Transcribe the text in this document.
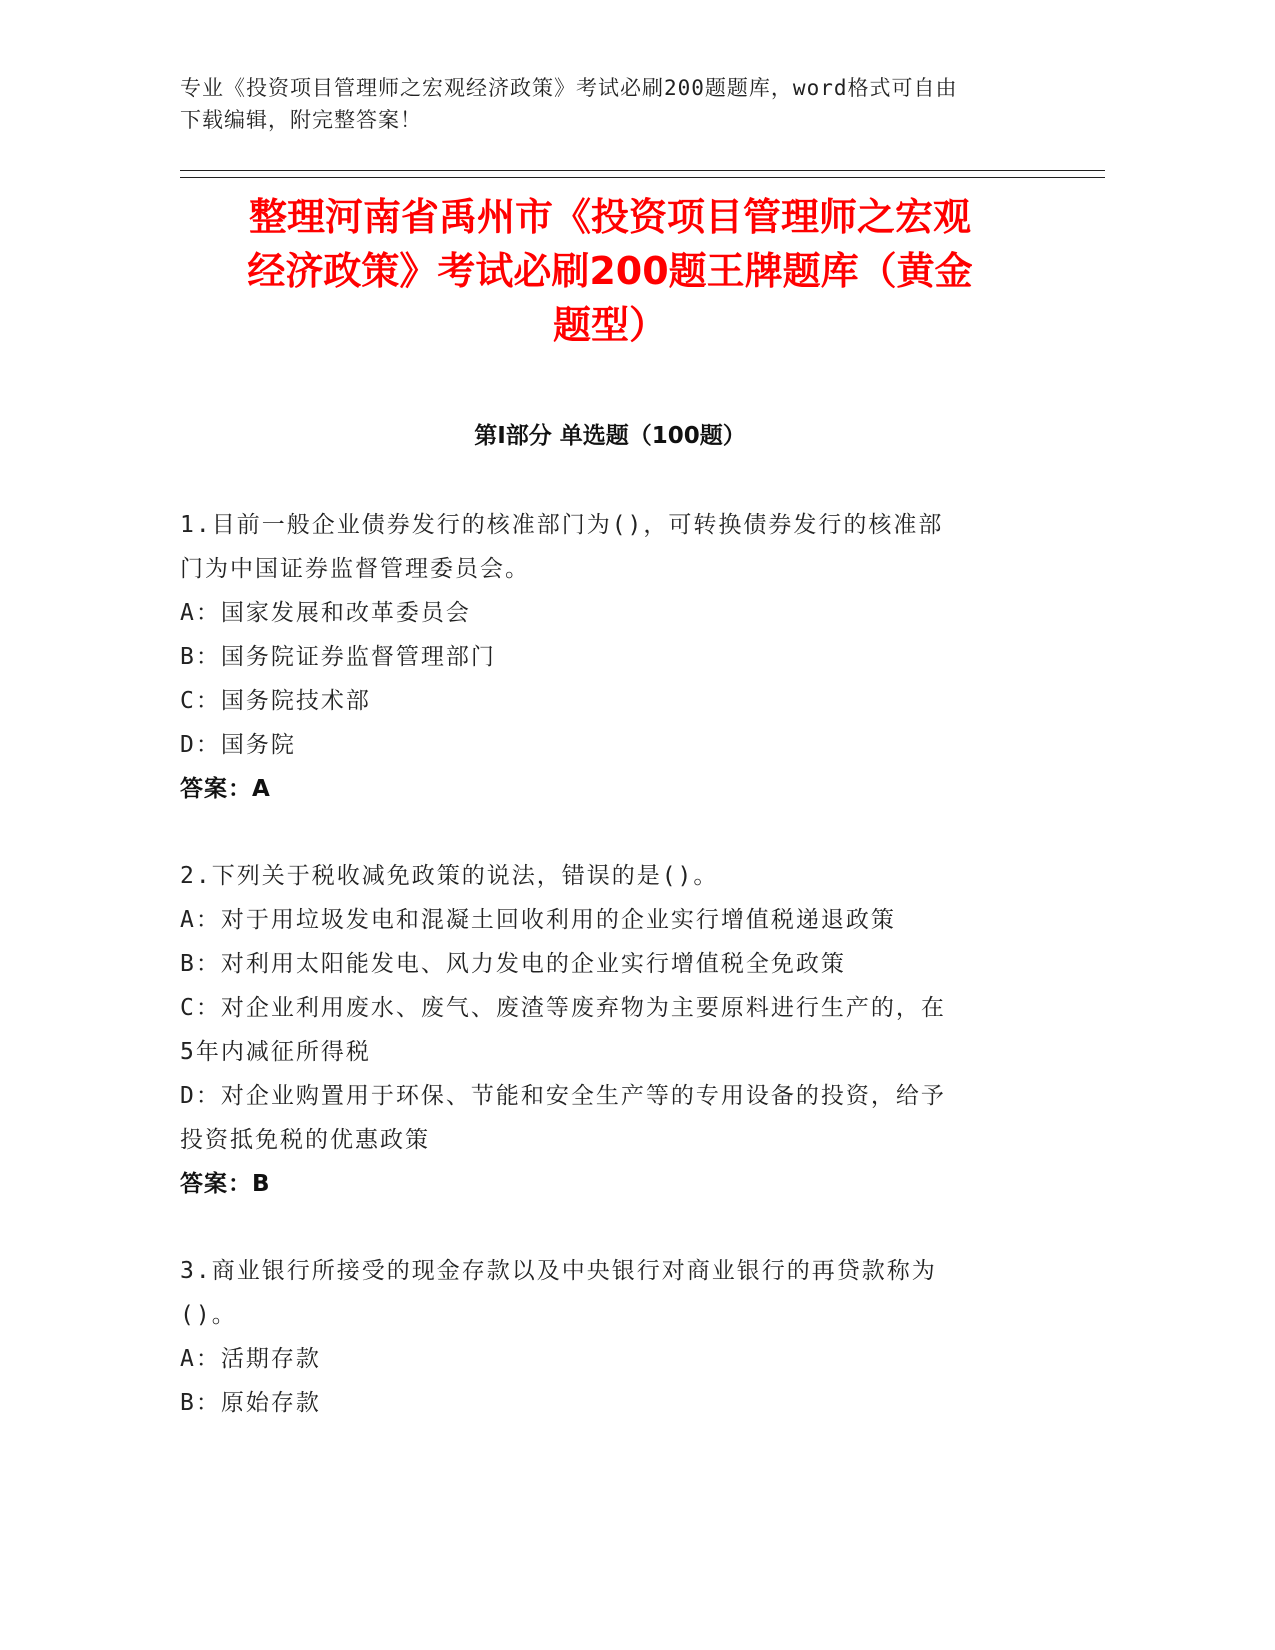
专业《投资项目管理师之宏观经济政策》考试必刷200题题库，word格式可自由
下载编辑，附完整答案！
整理河南省禹州市《投资项目管理师之宏观
经济政策》考试必刷200题王牌题库（黄金
题型）
第I部分 单选题（100题）

1.目前一般企业债券发行的核准部门为()，可转换债券发行的核准部

门为中国证券监督管理委员会。

A：国家发展和改革委员会

B：国务院证券监督管理部门

C：国务院技术部

D：国务院

答案：A

2.下列关于税收减免政策的说法，错误的是()。

A：对于用垃圾发电和混凝土回收利用的企业实行增值税递退政策

B：对利用太阳能发电、风力发电的企业实行增值税全免政策

C：对企业利用废水、废气、废渣等废弃物为主要原料进行生产的，在

5年内减征所得税

D：对企业购置用于环保、节能和安全生产等的专用设备的投资，给予

投资抵免税的优惠政策

答案：B

3.商业银行所接受的现金存款以及中央银行对商业银行的再贷款称为

()。

A：活期存款

B：原始存款
